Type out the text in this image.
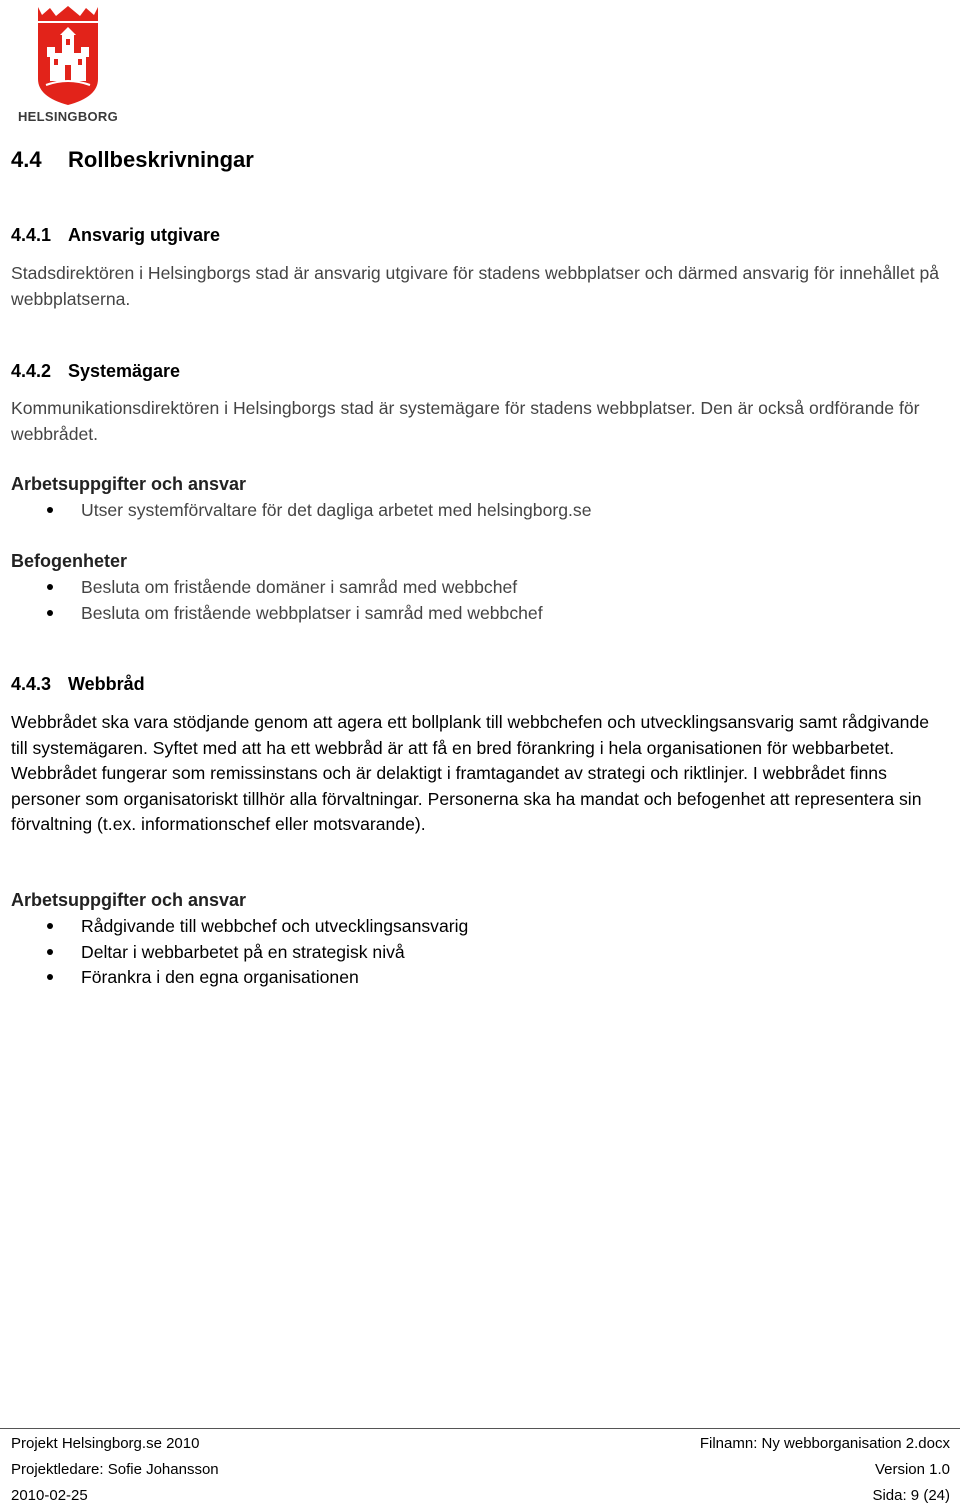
HELSINGBORG
4.4 Rollbeskrivningar
4.4.1 Ansvarig utgivare

Stadsdirektören i Helsingborgs stad är ansvarig utgivare för stadens webbplatser och därmed ansvarig för innehållet på webbplatserna.

4.4.2 Systemägare

Kommunikationsdirektören i Helsingborgs stad är systemägare för stadens webbplatser. Den är också ordförande för webbrådet.

Arbetsuppgifter och ansvar
Utser systemförvaltare för det dagliga arbetet med helsingborg.se
Befogenheter
Besluta om fristående domäner i samråd med webbchef
Besluta om fristående webbplatser i samråd med webbchef
4.4.3 Webbråd

Webbrådet ska vara stödjande genom att agera ett bollplank till webbchefen och utvecklingsansvarig samt rådgivande till systemägaren. Syftet med att ha ett webbråd är att få en bred förankring i hela organisationen för webbarbetet. Webbrådet fungerar som remissinstans och är delaktigt i framtagandet av strategi och riktlinjer. I webbrådet finns personer som organisatoriskt tillhör alla förvaltningar. Personerna ska ha mandat och befogenhet att representera sin förvaltning (t.ex. informationschef eller motsvarande).

Arbetsuppgifter och ansvar
Rådgivande till webbchef och utvecklingsansvarig
Deltar i webbarbetet på en strategisk nivå
Förankra i den egna organisationen
Projekt Helsingborg.se 2010
Projektledare: Sofie Johansson
2010-02-25
Filnamn: Ny webborganisation 2.docx
Version 1.0
Sida: 9 (24)
